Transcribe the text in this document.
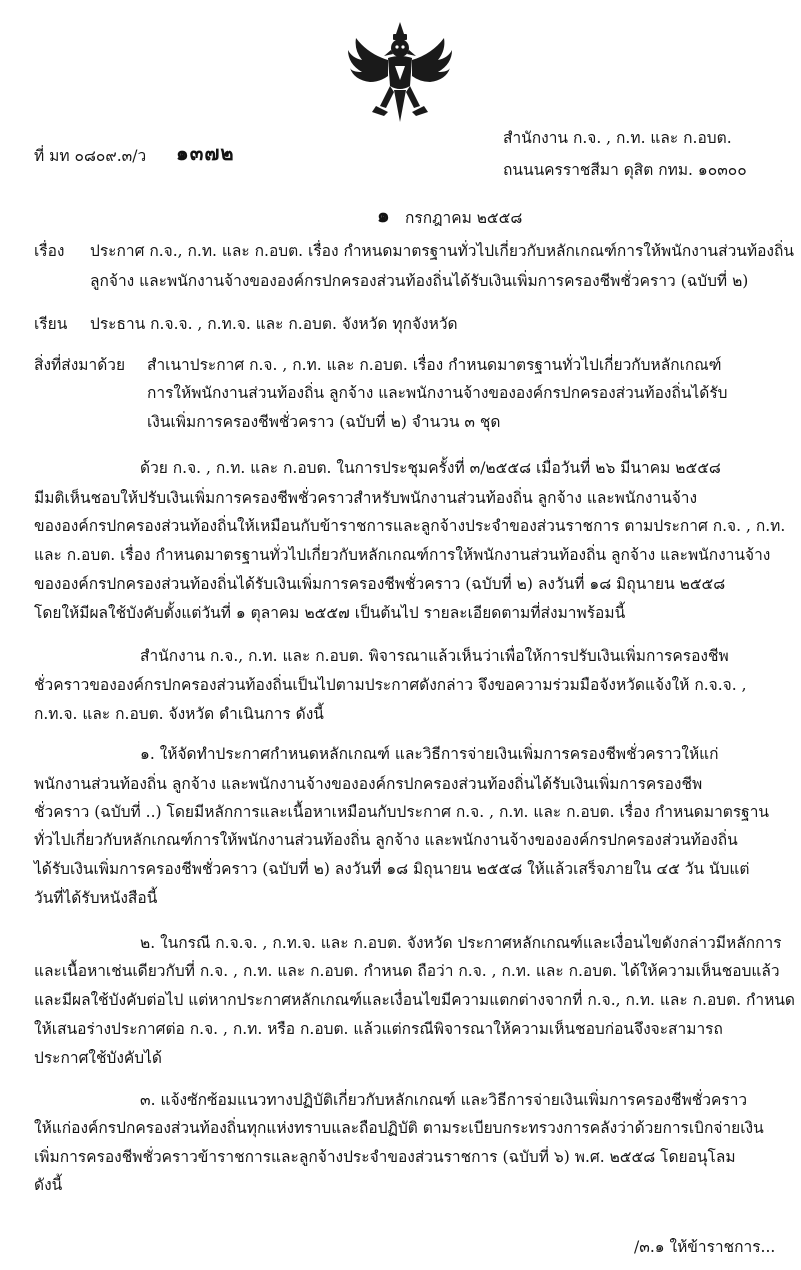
ที่ มท ๐๘๐๙.๓/ว ๑๓๗๒
สำนักงาน ก.จ. , ก.ท. และ ก.อบต.
ถนนนครราชสีมา ดุสิต กทม. ๑๐๓๐๐
๑ กรกฎาคม ๒๕๕๘
เรื่อง ประกาศ ก.จ., ก.ท. และ ก.อบต. เรื่อง กำหนดมาตรฐานทั่วไปเกี่ยวกับหลักเกณฑ์การให้พนักงานส่วนท้องถิ่น
ลูกจ้าง และพนักงานจ้างขององค์กรปกครองส่วนท้องถิ่นได้รับเงินเพิ่มการครองชีพชั่วคราว (ฉบับที่ ๒)
เรียน ประธาน ก.จ.จ. , ก.ท.จ. และ ก.อบต. จังหวัด ทุกจังหวัด
สิ่งที่ส่งมาด้วย สำเนาประกาศ ก.จ. , ก.ท. และ ก.อบต. เรื่อง กำหนดมาตรฐานทั่วไปเกี่ยวกับหลักเกณฑ์
การให้พนักงานส่วนท้องถิ่น ลูกจ้าง และพนักงานจ้างขององค์กรปกครองส่วนท้องถิ่นได้รับ
เงินเพิ่มการครองชีพชั่วคราว (ฉบับที่ ๒) จำนวน ๓ ชุด
ด้วย ก.จ. , ก.ท. และ ก.อบต. ในการประชุมครั้งที่ ๓/๒๕๕๘ เมื่อวันที่ ๒๖ มีนาคม ๒๕๕๘
มีมติเห็นชอบให้ปรับเงินเพิ่มการครองชีพชั่วคราวสำหรับพนักงานส่วนท้องถิ่น ลูกจ้าง และพนักงานจ้าง
ขององค์กรปกครองส่วนท้องถิ่นให้เหมือนกับข้าราชการและลูกจ้างประจำของส่วนราชการ ตามประกาศ ก.จ. , ก.ท.
และ ก.อบต. เรื่อง กำหนดมาตรฐานทั่วไปเกี่ยวกับหลักเกณฑ์การให้พนักงานส่วนท้องถิ่น ลูกจ้าง และพนักงานจ้าง
ขององค์กรปกครองส่วนท้องถิ่นได้รับเงินเพิ่มการครองชีพชั่วคราว (ฉบับที่ ๒) ลงวันที่ ๑๘ มิถุนายน ๒๕๕๘
โดยให้มีผลใช้บังคับตั้งแต่วันที่ ๑ ตุลาคม ๒๕๕๗ เป็นต้นไป รายละเอียดตามที่ส่งมาพร้อมนี้
สำนักงาน ก.จ., ก.ท. และ ก.อบต. พิจารณาแล้วเห็นว่าเพื่อให้การปรับเงินเพิ่มการครองชีพ
ชั่วคราวขององค์กรปกครองส่วนท้องถิ่นเป็นไปตามประกาศดังกล่าว จึงขอความร่วมมือจังหวัดแจ้งให้ ก.จ.จ. ,
ก.ท.จ. และ ก.อบต. จังหวัด ดำเนินการ ดังนี้
๑. ให้จัดทำประกาศกำหนดหลักเกณฑ์ และวิธีการจ่ายเงินเพิ่มการครองชีพชั่วคราวให้แก่
พนักงานส่วนท้องถิ่น ลูกจ้าง และพนักงานจ้างขององค์กรปกครองส่วนท้องถิ่นได้รับเงินเพิ่มการครองชีพ
ชั่วคราว (ฉบับที่ ..) โดยมีหลักการและเนื้อหาเหมือนกับประกาศ ก.จ. , ก.ท. และ ก.อบต. เรื่อง กำหนดมาตรฐาน
ทั่วไปเกี่ยวกับหลักเกณฑ์การให้พนักงานส่วนท้องถิ่น ลูกจ้าง และพนักงานจ้างขององค์กรปกครองส่วนท้องถิ่น
ได้รับเงินเพิ่มการครองชีพชั่วคราว (ฉบับที่ ๒) ลงวันที่ ๑๘ มิถุนายน ๒๕๕๘ ให้แล้วเสร็จภายใน ๔๕ วัน นับแต่
วันที่ได้รับหนังสือนี้
๒. ในกรณี ก.จ.จ. , ก.ท.จ. และ ก.อบต. จังหวัด ประกาศหลักเกณฑ์และเงื่อนไขดังกล่าวมีหลักการ
และเนื้อหาเช่นเดียวกับที่ ก.จ. , ก.ท. และ ก.อบต. กำหนด ถือว่า ก.จ. , ก.ท. และ ก.อบต. ได้ให้ความเห็นชอบแล้ว
และมีผลใช้บังคับต่อไป แต่หากประกาศหลักเกณฑ์และเงื่อนไขมีความแตกต่างจากที่ ก.จ., ก.ท. และ ก.อบต. กำหนด
ให้เสนอร่างประกาศต่อ ก.จ. , ก.ท. หรือ ก.อบต. แล้วแต่กรณีพิจารณาให้ความเห็นชอบก่อนจึงจะสามารถ
ประกาศใช้บังคับได้
๓. แจ้งซักซ้อมแนวทางปฏิบัติเกี่ยวกับหลักเกณฑ์ และวิธีการจ่ายเงินเพิ่มการครองชีพชั่วคราว
ให้แก่องค์กรปกครองส่วนท้องถิ่นทุกแห่งทราบและถือปฏิบัติ ตามระเบียบกระทรวงการคลังว่าด้วยการเบิกจ่ายเงิน
เพิ่มการครองชีพชั่วคราวข้าราชการและลูกจ้างประจำของส่วนราชการ (ฉบับที่ ๖) พ.ศ. ๒๕๕๘ โดยอนุโลม
ดังนี้
/๓.๑ ให้ข้าราชการ...
